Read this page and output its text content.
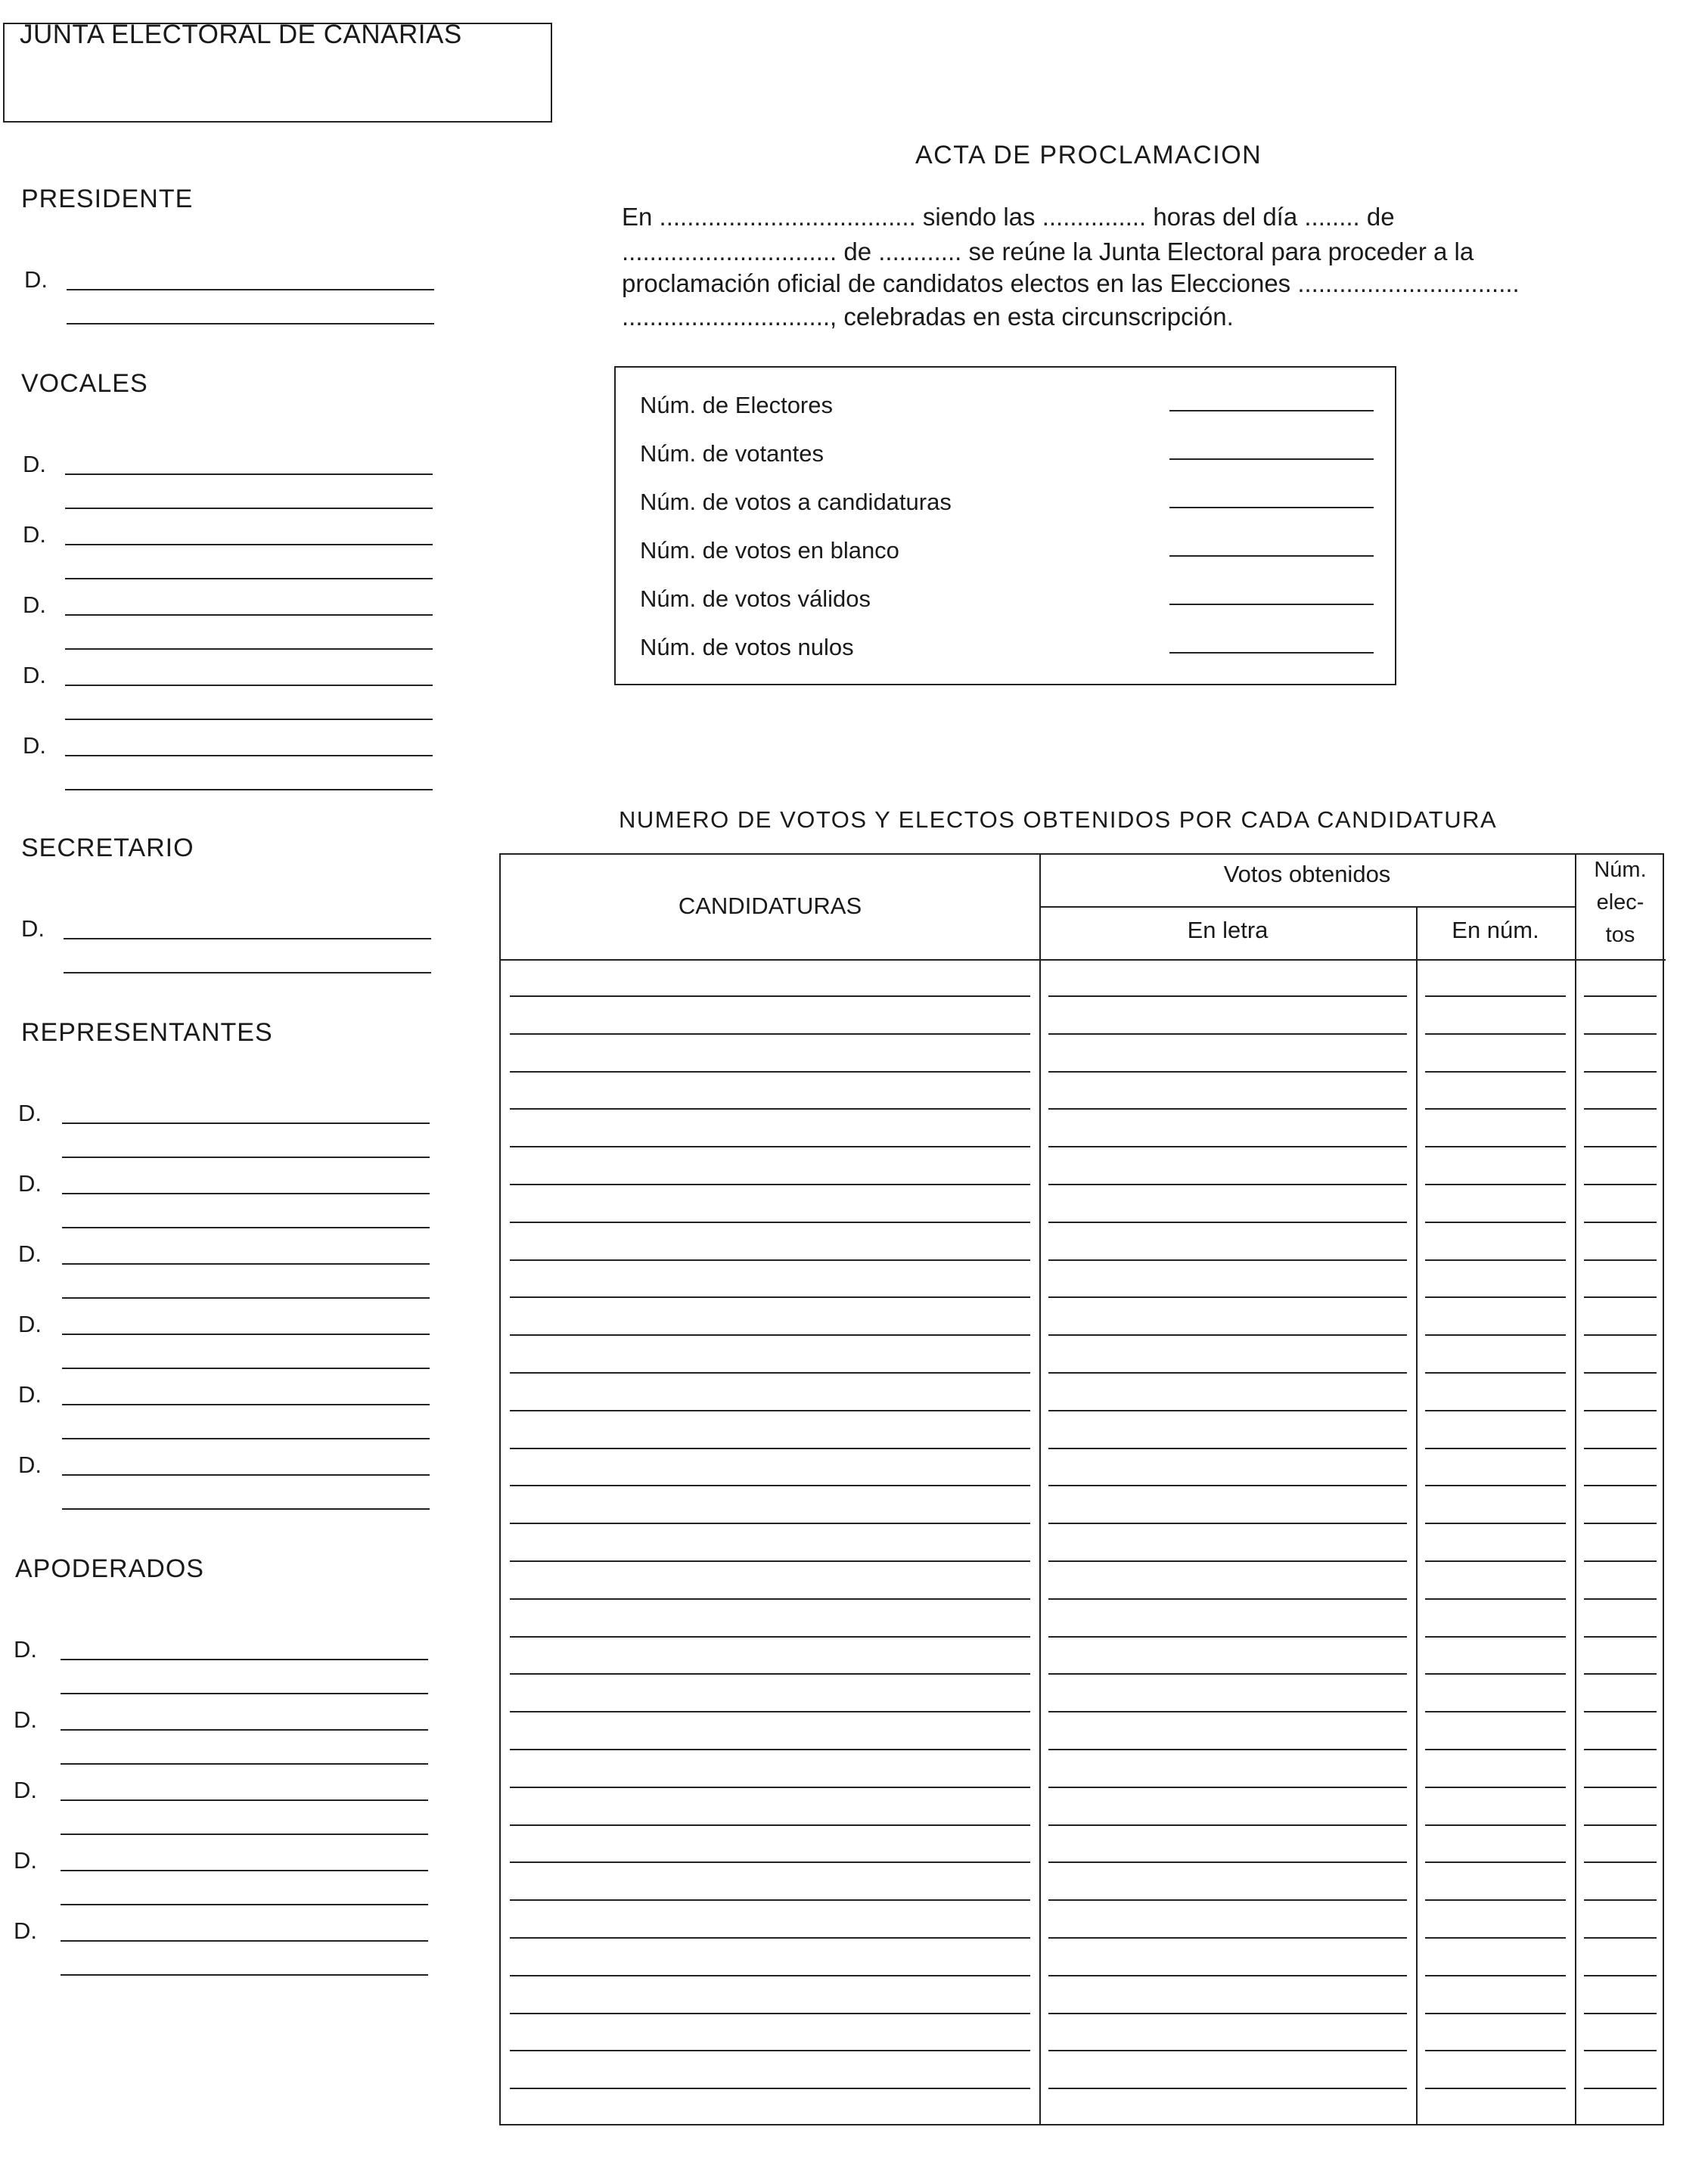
JUNTA ELECTORAL DE CANARIAS
PRESIDENTE
D.
VOCALES
D.
D.
D.
D.
D.
SECRETARIO
D.
REPRESENTANTES
D.
D.
D.
D.
D.
D.
APODERADOS
D.
D.
D.
D.
D.
ACTA DE PROCLAMACION
En ..................................... siendo las ............... horas del día ........ de
............................... de ............ se reúne la Junta Electoral para proceder a la
proclamación oficial de candidatos electos en las Elecciones ................................
.............................., celebradas en esta circunscripción.
Núm. de Electores
Núm. de votantes
Núm. de votos a candidaturas
Núm. de votos en blanco
Núm. de votos válidos
Núm. de votos nulos
NUMERO DE VOTOS Y ELECTOS OBTENIDOS POR CADA CANDIDATURA
CANDIDATURAS
Votos obtenidos
En letra	En núm.
Núm.
elec-
tos
